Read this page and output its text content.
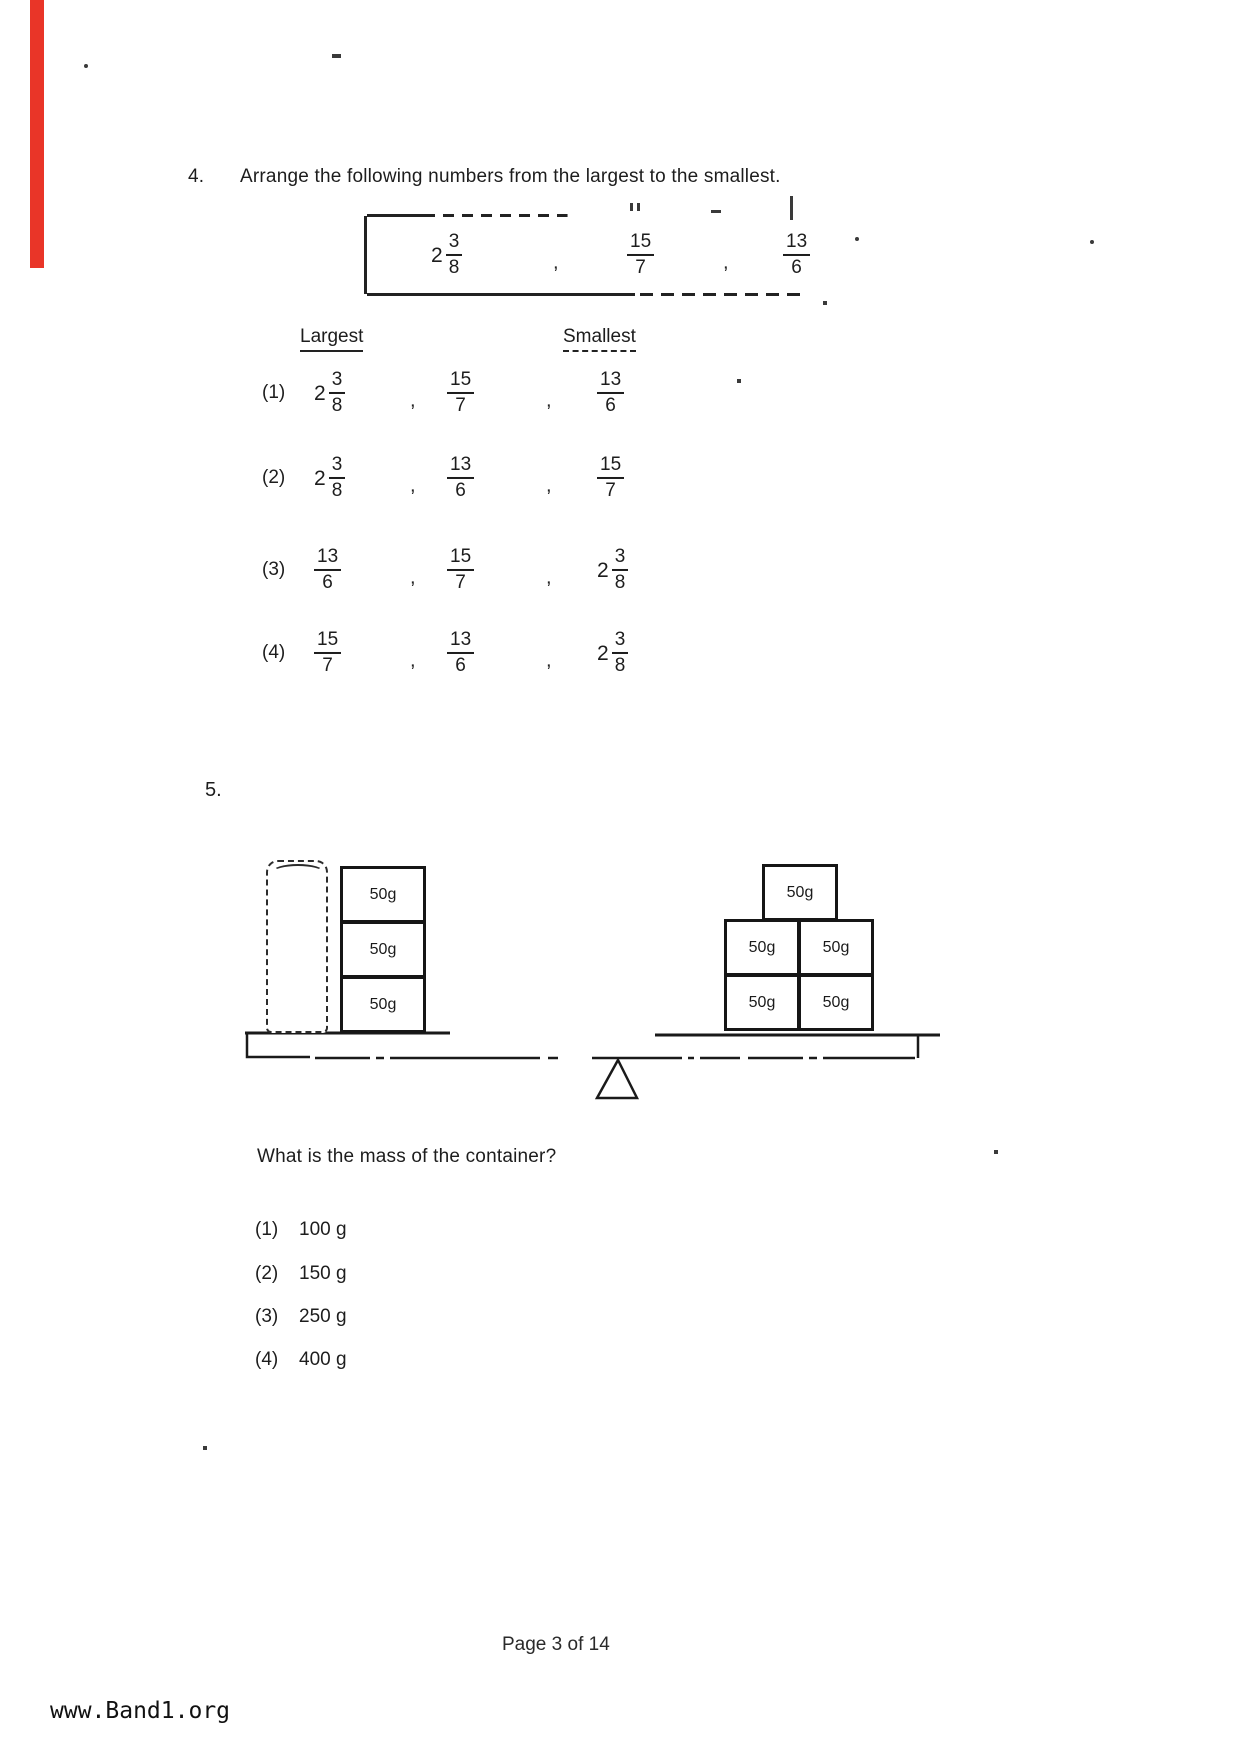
4. Arrange the following numbers from the largest to the smallest.
$2 \frac{3}{8}$	,	$\frac{15}{7}$	,	$\frac{13}{6}$
Largest	Smallest
(1) $2 \frac{3}{8}$	, $\frac{15}{7}$	, $\frac{13}{6}$
(2) $2 \frac{3}{8}$	, $\frac{13}{6}$	, $\frac{15}{7}$
$(3) \frac{13}{6}$	, $\frac{15}{7}$	, $2 \frac{3}{8}$
$(4) \frac{15}{7}$	, $\frac{13}{6}$	, $2 \frac{3}{8}$
5.
50g
50g
50g
50g
50g	50g
50g	50g
What is the mass of the container?
(1) 100 g
(2) 150 g
(3) 250 g
(4) 400 g
Page 3 of 14
www.Band1.org
